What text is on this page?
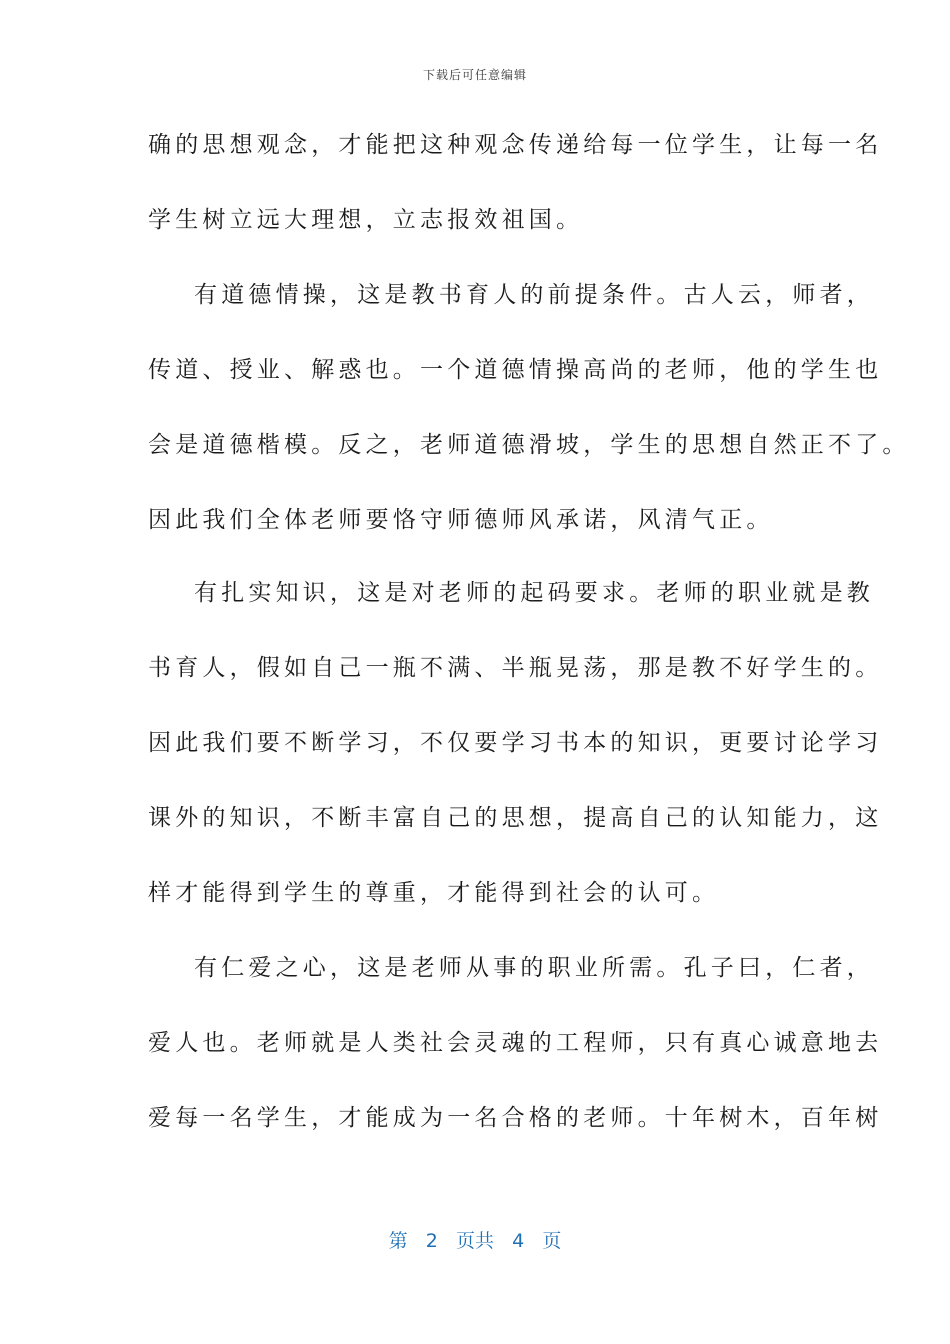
下载后可任意编辑
确的思想观念，才能把这种观念传递给每一位学生，让每一名
学生树立远大理想，立志报效祖国。
有道德情操，这是教书育人的前提条件。古人云，师者，
传道、授业、解惑也。一个道德情操高尚的老师，他的学生也
会是道德楷模。反之，老师道德滑坡，学生的思想自然正不了。
因此我们全体老师要恪守师德师风承诺，风清气正。
有扎实知识，这是对老师的起码要求。老师的职业就是教
书育人，假如自己一瓶不满、半瓶晃荡，那是教不好学生的。
因此我们要不断学习，不仅要学习书本的知识，更要讨论学习
课外的知识，不断丰富自己的思想，提高自己的认知能力，这
样才能得到学生的尊重，才能得到社会的认可。
有仁爱之心，这是老师从事的职业所需。孔子曰，仁者，
爱人也。老师就是人类社会灵魂的工程师，只有真心诚意地去
爱每一名学生，才能成为一名合格的老师。十年树木，百年树
第 2 页共 4 页
